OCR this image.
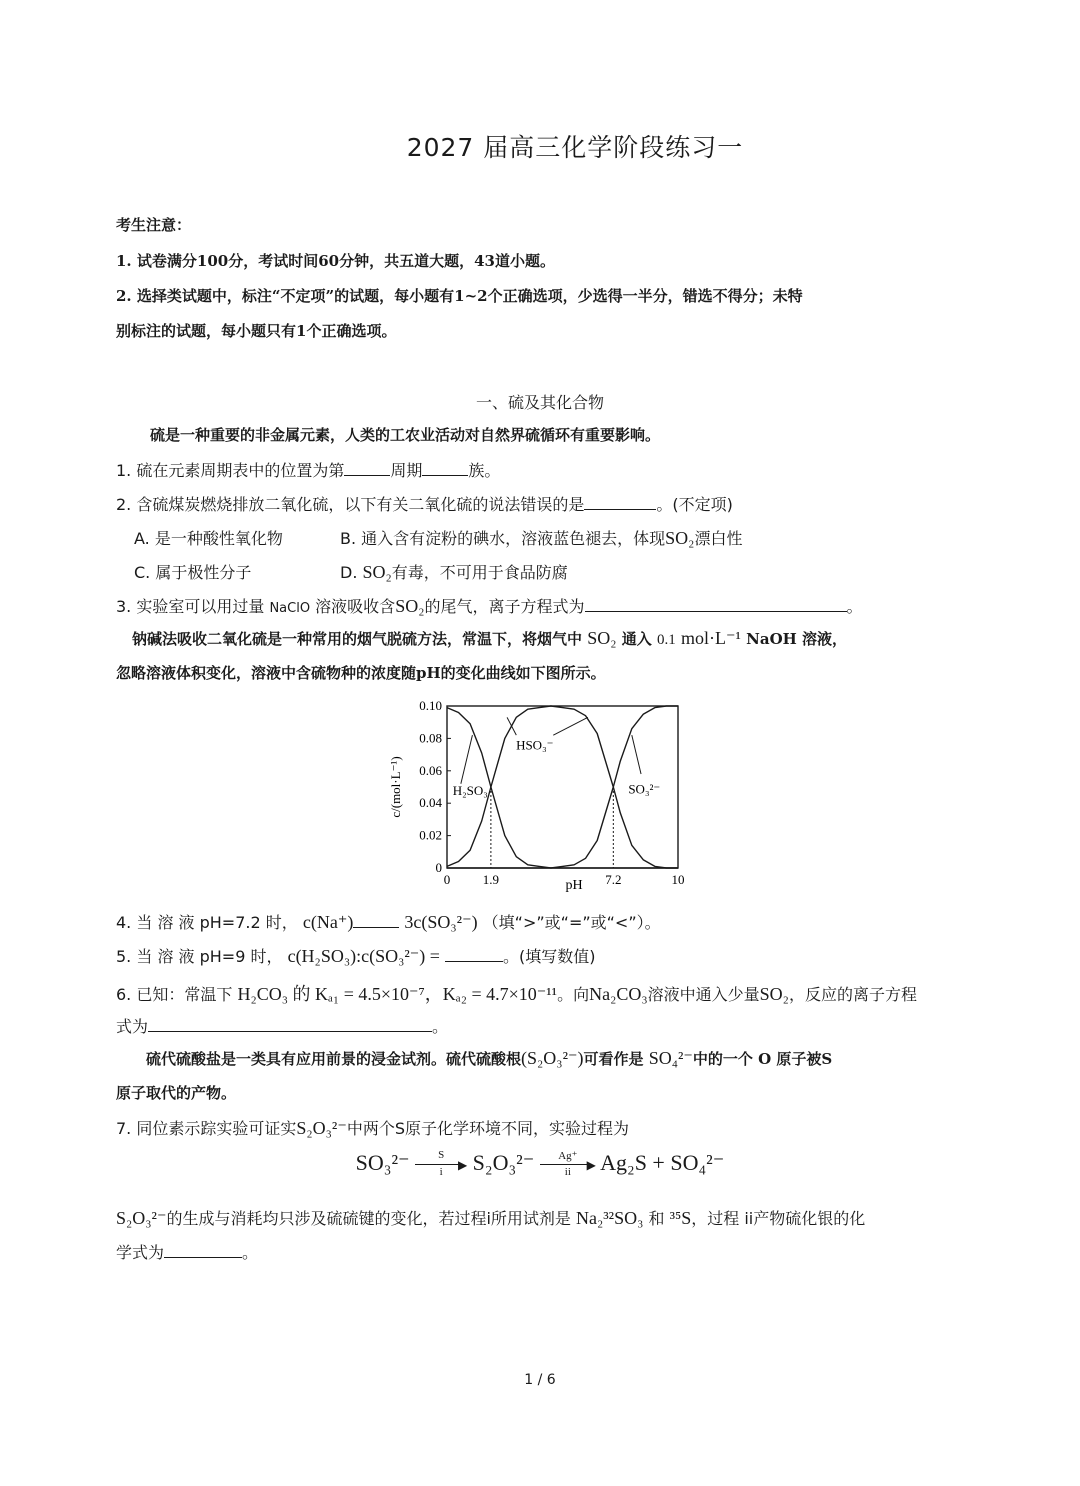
2027 届高三化学阶段练习一
考生注意：
1. 试卷满分100分，考试时间60分钟，共五道大题，43道小题。
2. 选择类试题中，标注“不定项”的试题，每小题有1~2个正确选项，少选得一半分，错选不得分；未特
别标注的试题，每小题只有1个正确选项。
一、硫及其化合物
硫是一种重要的非金属元素，人类的工农业活动对自然界硫循环有重要影响。
1. 硫在元素周期表中的位置为第	周期	族。
2. 含硫煤炭燃烧排放二氧化硫，以下有关二氧化硫的说法错误的是	。(不定项)
A. 是一种酸性氧化物	B. 通入含有淀粉的碘水，溶液蓝色褪去，体现SO₂漂白性
C. 属于极性分子	D. SO₂有毒，不可用于食品防腐
3. 实验室可以用过量 NaClO 溶液吸收含SO₂的尾气，离子方程式为	。
钠碱法吸收二氧化硫是一种常用的烟气脱硫方法，常温下，将烟气中 SO₂ 通入 0.1 mol·L⁻¹ NaOH 溶液，
忽略溶液体积变化，溶液中含硫物种的浓度随pH的变化曲线如下图所示。
0
0.02
0.04
0.06
0.08
0.10
0	1.9	7.2	10
pH
c/(mol·L⁻¹)	H₂SO₃
HSO₃⁻
SO₃²⁻
4. 当 溶 液 pH=7.2 时， c(Na⁺)	3c(SO₃²⁻) （填“>”或“=”或“<”）。
5. 当 溶 液 pH=9 时， c(H₂SO₃):c(SO₃²⁻) =	。(填写数值)
6. 已知：常温下 H₂CO₃ 的 Kₐ₁ = 4.5×10⁻⁷，Kₐ₂ = 4.7×10⁻¹¹。向Na₂CO₃溶液中通入少量SO₂，反应的离子方程
式为	。
硫代硫酸盐是一类具有应用前景的浸金试剂。硫代硫酸根(S₂O₃²⁻)可看作是 SO₄²⁻中的一个 O 原子被S
原子取代的产物。
7. 同位素示踪实验可证实S₂O₃²⁻中两个S原子化学环境不同，实验过程为
SO₃²⁻	S
▶
i	S₂O₃²⁻	Ag⁺
▶
ii	Ag₂S + SO₄²⁻
S₂O₃²⁻的生成与消耗均只涉及硫硫键的变化，若过程i所用试剂是 Na₂³²SO₃ 和 ³⁵S，过程 ii产物硫化银的化
学式为	。
1 / 6
